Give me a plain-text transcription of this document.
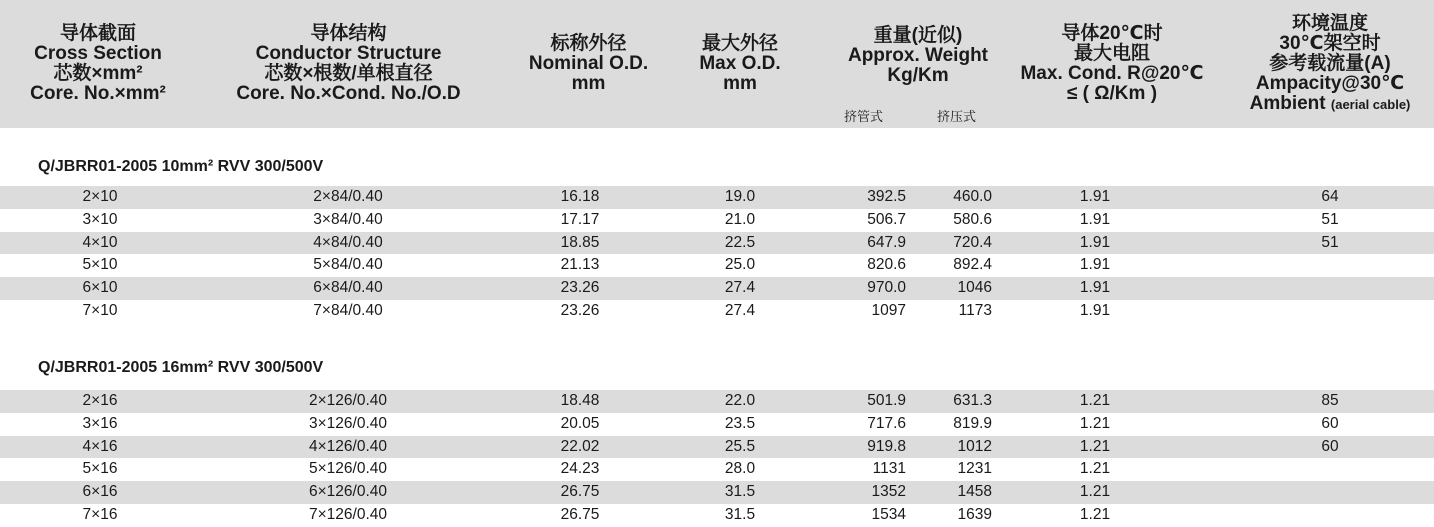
导体截面
Cross Section
芯数×mm²
Core. No.×mm²
导体结构
Conductor Structure
芯数×根数/单根直径
Core. No.×Cond. No./O.D
标称外径
Nominal O.D.
mm
最大外径
Max O.D.
mm
重量(近似)
Approx. Weight
Kg/Km
挤管式	挤压式
导体20℃时
最大电阻
Max. Cond. R@20℃
≤ ( Ω/Km )
环境温度
30℃架空时
参考载流量(A)
Ampacity@30℃
Ambient (aerial cable)
Q/JBRR01-2005 10mm² RVV 300/500V
Q/JBRR01-2005 16mm² RVV 300/500V
2×10	2×84/0.40	16.18	19.0	392.5	460.0	1.91	64
3×10	3×84/0.40	17.17	21.0	506.7	580.6	1.91	51
4×10	4×84/0.40	18.85	22.5	647.9	720.4	1.91	51
5×10	5×84/0.40	21.13	25.0	820.6	892.4	1.91
6×10	6×84/0.40	23.26	27.4	970.0	1046	1.91
7×10	7×84/0.40	23.26	27.4	1097	1173	1.91
2×16	2×126/0.40	18.48	22.0	501.9	631.3	1.21	85
3×16	3×126/0.40	20.05	23.5	717.6	819.9	1.21	60
4×16	4×126/0.40	22.02	25.5	919.8	1012	1.21	60
5×16	5×126/0.40	24.23	28.0	1131	1231	1.21
6×16	6×126/0.40	26.75	31.5	1352	1458	1.21
7×16	7×126/0.40	26.75	31.5	1534	1639	1.21
